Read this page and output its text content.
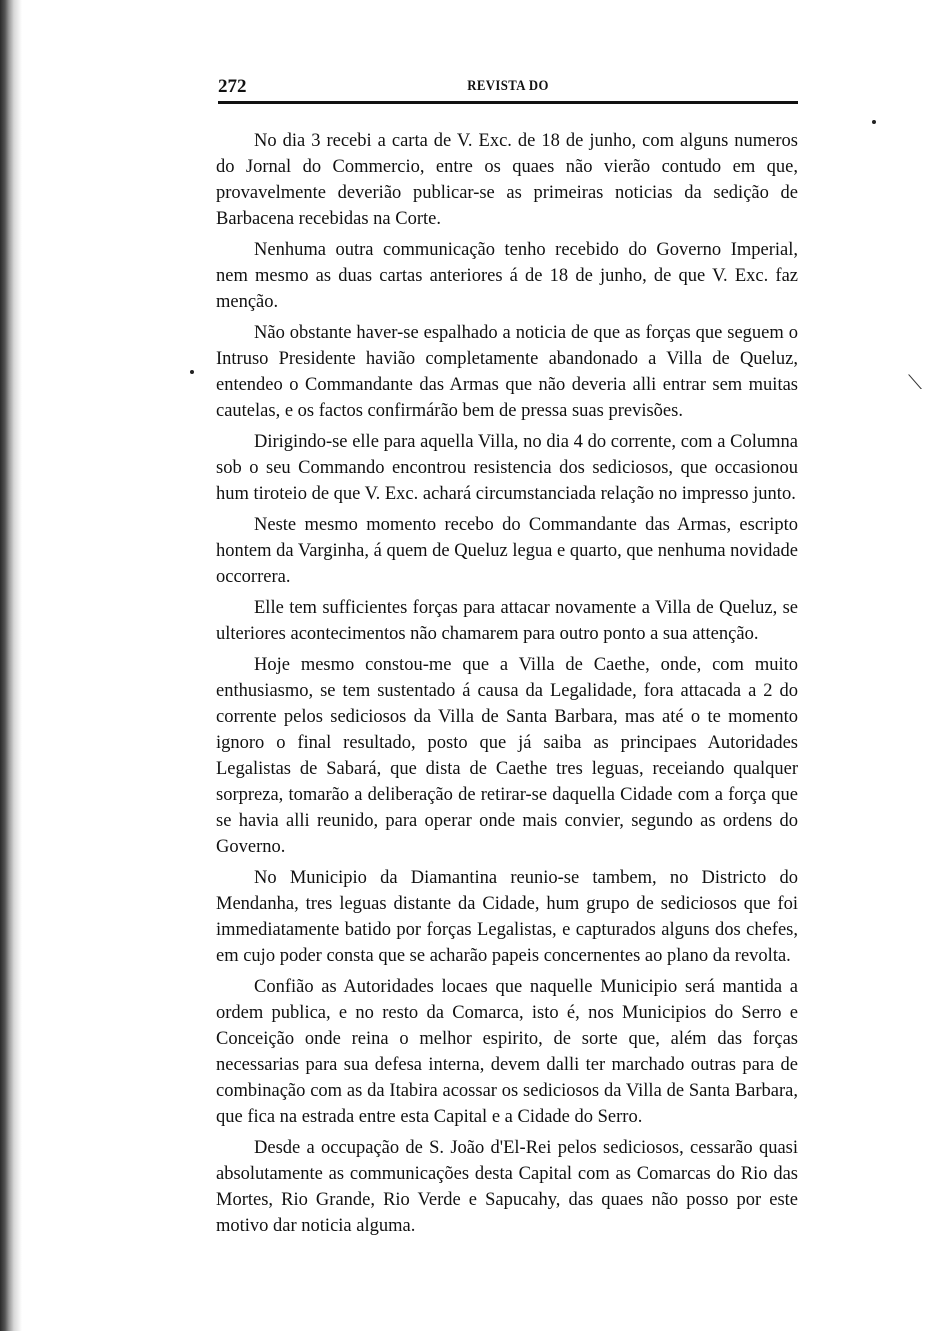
272	REVISTA DO
⟍

No dia 3 recebi a carta de V. Exc. de 18 de junho, com alguns numeros do Jornal do Commercio, entre os quaes não vierão contudo em que, provavelmente deverião publicar-se as primeiras noticias da sedição de Barbacena recebidas na Corte.

Nenhuma outra communicação tenho recebido do Governo Imperial, nem mesmo as duas cartas anteriores á de 18 de junho, de que V. Exc. faz menção.

Não obstante haver-se espalhado a noticia de que as forças que seguem o Intruso Presidente havião completamente abandonado a Villa de Queluz, entendeo o Commandante das Armas que não deveria alli entrar sem muitas cautelas, e os factos confirmárão bem de pressa suas previsões.

Dirigindo-se elle para aquella Villa, no dia 4 do corrente, com a Columna sob o seu Commando encontrou resistencia dos sediciosos, que occasionou hum tiroteio de que V. Exc. achará circumstanciada relação no impresso junto.

Neste mesmo momento recebo do Commandante das Armas, escripto hontem da Varginha, á quem de Queluz legua e quarto, que nenhuma novidade occorrera.

Elle tem sufficientes forças para attacar novamente a Villa de Queluz, se ulteriores acontecimentos não chamarem para outro ponto a sua attenção.

Hoje mesmo constou-me que a Villa de Caethe, onde, com muito enthusiasmo, se tem sustentado á causa da Legalidade, fora attacada a 2 do corrente pelos sediciosos da Villa de Santa Barbara, mas até o te momento ignoro o final resultado, posto que já saiba as principaes Autoridades Legalistas de Sabará, que dista de Caethe tres leguas, receiando qualquer sorpreza, tomarão a deliberação de retirar-se daquella Cidade com a força que se havia alli reunido, para operar onde mais convier, segundo as ordens do Governo.

No Municipio da Diamantina reunio-se tambem, no Districto do Mendanha, tres leguas distante da Cidade, hum grupo de sediciosos que foi immediatamente batido por forças Legalistas, e capturados alguns dos chefes, em cujo poder consta que se acharão papeis concernentes ao plano da revolta.

Confião as Autoridades locaes que naquelle Municipio será mantida a ordem publica, e no resto da Comarca, isto é, nos Municipios do Serro e Conceição onde reina o melhor espirito, de sorte que, além das forças necessarias para sua defesa interna, devem dalli ter marchado outras para de combinação com as da Itabira acossar os sediciosos da Villa de Santa Barbara, que fica na estrada entre esta Capital e a Cidade do Serro.

Desde a occupação de S. João d'El-Rei pelos sediciosos, cessarão quasi absolutamente as communicações desta Capital com as Comarcas do Rio das Mortes, Rio Grande, Rio Verde e Sapucahy, das quaes não posso por este motivo dar noticia alguma.
